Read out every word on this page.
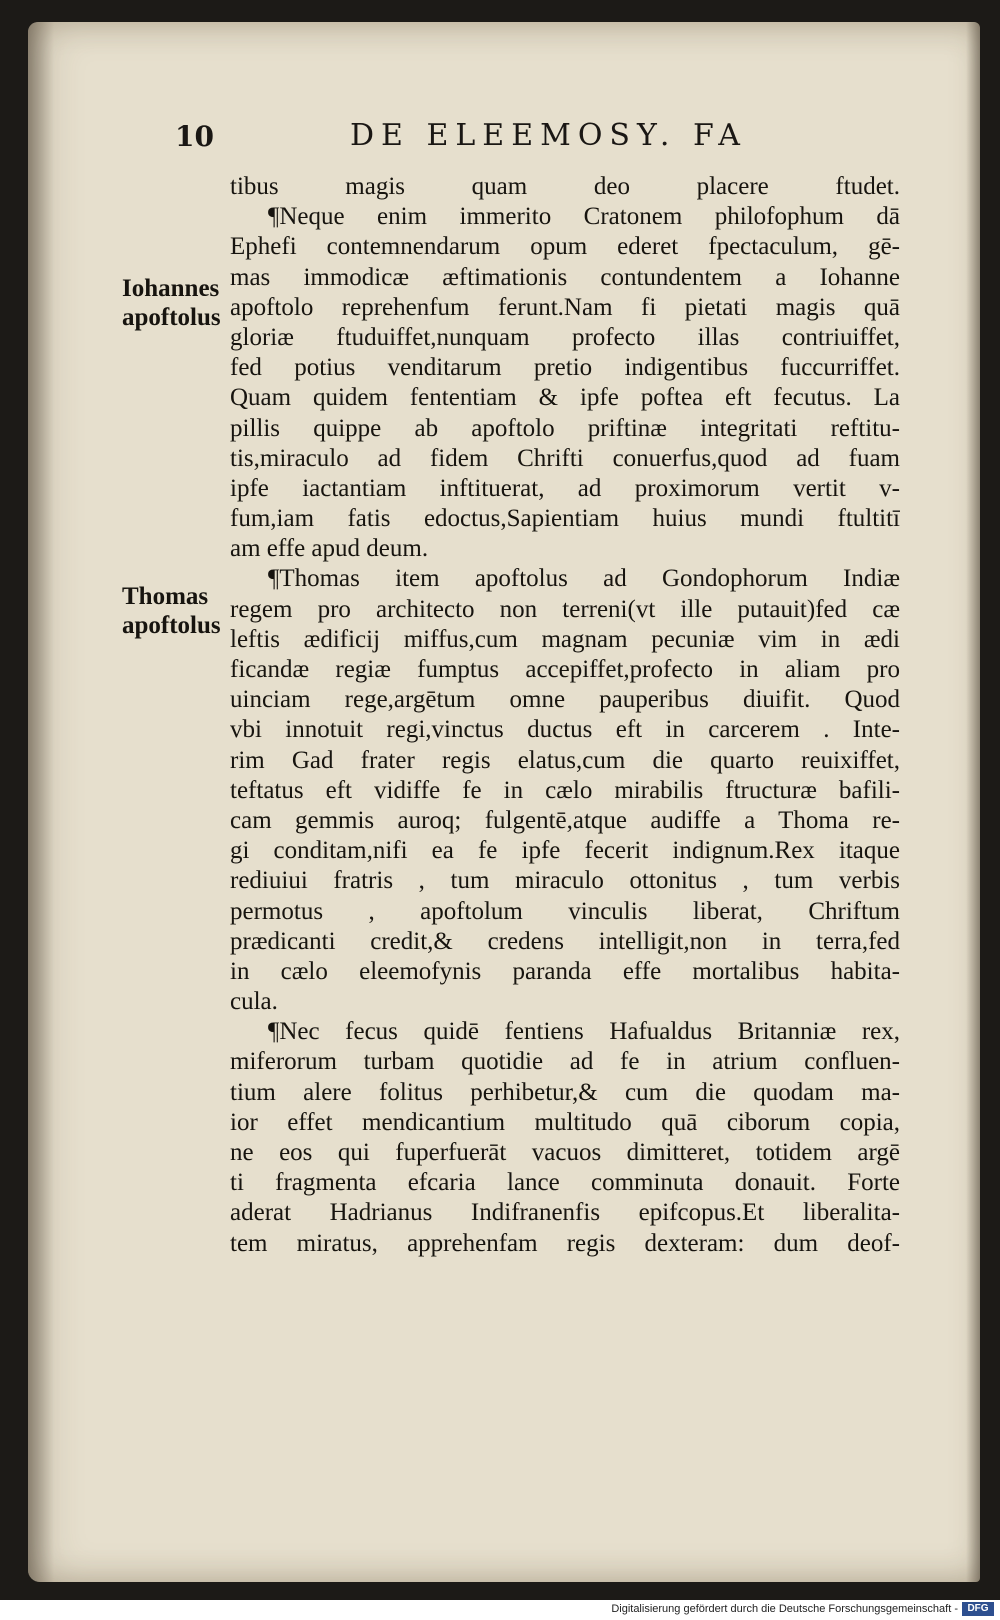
10	DE ELEEMOSY. FA
Iohannes
apoftolus
Thomas
apoftolus
tibus magis quam deo placere ftudet.
¶Neque enim immerito Cratonem philofophum dā
Ephefi contemnendarum opum ederet fpectaculum, gē-
mas immodicæ æftimationis contundentem a Iohanne
apoftolo reprehenfum ferunt.Nam fi pietati magis quā
gloriæ ftuduiffet,nunquam profecto illas contriuiffet,
fed potius venditarum pretio indigentibus fuccurriffet.
Quam quidem fententiam & ipfe poftea eft fecutus. La
pillis quippe ab apoftolo priftinæ integritati reftitu-
tis,miraculo ad fidem Chrifti conuerfus,quod ad fuam
ipfe iactantiam inftituerat, ad proximorum vertit v-
fum,iam fatis edoctus,Sapientiam huius mundi ftultitī
am effe apud deum.
¶Thomas item apoftolus ad Gondophorum Indiæ
regem pro architecto non terreni(vt ille putauit)fed cæ
leftis ædificij miffus,cum magnam pecuniæ vim in ædi
ficandæ regiæ fumptus accepiffet,profecto in aliam pro
uinciam rege,argētum omne pauperibus diuifit. Quod
vbi innotuit regi,vinctus ductus eft in carcerem . Inte-
rim Gad frater regis elatus,cum die quarto reuixiffet,
teftatus eft vidiffe fe in cælo mirabilis ftructuræ bafili-
cam gemmis auroq; fulgentē,atque audiffe a Thoma re-
gi conditam,nifi ea fe ipfe fecerit indignum.Rex itaque
rediuiui fratris , tum miraculo ottonitus , tum verbis
permotus , apoftolum vinculis liberat, Chriftum
prædicanti credit,& credens intelligit,non in terra,fed
in cælo eleemofynis paranda effe mortalibus habita-
cula.
¶Nec fecus quidē fentiens Hafualdus Britanniæ rex,
miferorum turbam quotidie ad fe in atrium confluen-
tium alere folitus perhibetur,& cum die quodam ma-
ior effet mendicantium multitudo quā ciborum copia,
ne eos qui fuperfuerāt vacuos dimitteret, totidem argē
ti fragmenta efcaria lance comminuta donauit. Forte
aderat Hadrianus Indifranenfis epifcopus.Et liberalita-
tem miratus, apprehenfam regis dexteram: dum deof-
Digitalisierung gefördert durch die Deutsche Forschungsgemeinschaft - DFG
